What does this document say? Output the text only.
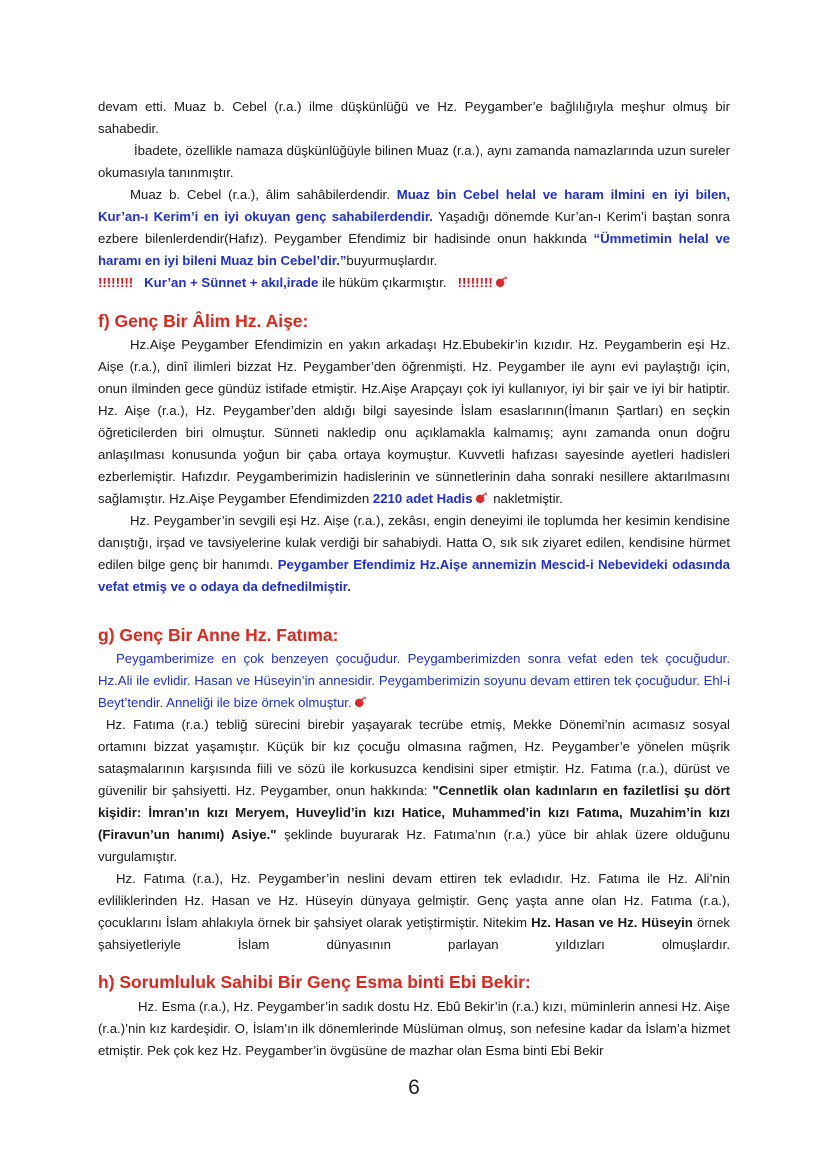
devam etti. Muaz b. Cebel (r.a.) ilme düşkünlüğü ve Hz. Peygamber’e bağlılığıyla meşhur olmuş bir sahabedir.

İbadete, özellikle namaza düşkünlüğüyle bilinen Muaz (r.a.), aynı zamanda namazlarında uzun sureler okumasıyla tanınmıştır.

Muaz b. Cebel (r.a.), âlim sahâbilerdendir. Muaz bin Cebel helal ve haram ilmini en iyi bilen, Kur’an-ı Kerim’i en iyi okuyan genç sahabilerdendir. Yaşadığı dönemde Kur’an-ı Kerim’i baştan sonra ezbere bilenlerdendir(Hafız). Peygamber Efendimiz bir hadisinde onun hakkında “Ümmetimin helal ve haramı en iyi bileni Muaz bin Cebel’dir.”buyurmuşlardır.

!!!!!!!! Kur’an + Sünnet + akıl,irade ile hüküm çıkarmıştır. !!!!!!!!

f) Genç Bir Âlim Hz. Aişe:

Hz.Aişe Peygamber Efendimizin en yakın arkadaşı Hz.Ebubekir’in kızıdır. Hz. Peygamberin eşi Hz. Aişe (r.a.), dinî ilimleri bizzat Hz. Peygamber’den öğrenmişti. Hz. Peygamber ile aynı evi paylaştığı için, onun ilminden gece gündüz istifade etmiştir. Hz.Aişe Arapçayı çok iyi kullanıyor, iyi bir şair ve iyi bir hatiptir. Hz. Aişe (r.a.), Hz. Peygamber’den aldığı bilgi sayesinde İslam esaslarının(İmanın Şartları) en seçkin öğreticilerden biri olmuştur. Sünneti nakledip onu açıklamakla kalmamış; aynı zamanda onun doğru anlaşılması konusunda yoğun bir çaba ortaya koymuştur. Kuvvetli hafızası sayesinde ayetleri hadisleri ezberlemiştir. Hafızdır. Peygamberimizin hadislerinin ve sünnetlerinin daha sonraki nesillere aktarılmasını sağlamıştır. Hz.Aişe Peygamber Efendimizden 2210 adet Hadis nakletmiştir.

Hz. Peygamber’in sevgili eşi Hz. Aişe (r.a.), zekâsı, engin deneyimi ile toplumda her kesimin kendisine danıştığı, irşad ve tavsiyelerine kulak verdiği bir sahabiydi. Hatta O, sık sık ziyaret edilen, kendisine hürmet edilen bilge genç bir hanımdı. Peygamber Efendimiz Hz.Aişe annemizin Mescid-i Nebevideki odasında vefat etmiş ve o odaya da defnedilmiştir.

g) Genç Bir Anne Hz. Fatıma:

Peygamberimize en çok benzeyen çocuğudur. Peygamberimizden sonra vefat eden tek çocuğudur. Hz.Ali ile evlidir. Hasan ve Hüseyin’in annesidir. Peygamberimizin soyunu devam ettiren tek çocuğudur. Ehl-i Beyt’tendir. Anneliği ile bize örnek olmuştur.

Hz. Fatıma (r.a.) tebliğ sürecini birebir yaşayarak tecrübe etmiş, Mekke Dönemi’nin acımasız sosyal ortamını bizzat yaşamıştır. Küçük bir kız çocuğu olmasına rağmen, Hz. Peygamber’e yönelen müşrik sataşmalarının karşısında fiili ve sözü ile korkusuzca kendisini siper etmiştir. Hz. Fatıma (r.a.), dürüst ve güvenilir bir şahsiyetti. Hz. Peygamber, onun hakkında: "Cennetlik olan kadınların en faziletlisi şu dört kişidir: İmran’ın kızı Meryem, Huveylid’in kızı Hatice, Muhammed’in kızı Fatıma, Muzahim’in kızı (Firavun’un hanımı) Asiye." şeklinde buyurarak Hz. Fatıma’nın (r.a.) yüce bir ahlak üzere olduğunu vurgulamıştır.

Hz. Fatıma (r.a.), Hz. Peygamber’in neslini devam ettiren tek evladıdır. Hz. Fatıma ile Hz. Ali’nin evliliklerinden Hz. Hasan ve Hz. Hüseyin dünyaya gelmiştir. Genç yaşta anne olan Hz. Fatıma (r.a.), çocuklarını İslam ahlakıyla örnek bir şahsiyet olarak yetiştirmiştir. Nitekim Hz. Hasan ve Hz. Hüseyin örnek şahsiyetleriyle İslam dünyasının parlayan yıldızları olmuşlardır.

h) Sorumluluk Sahibi Bir Genç Esma binti Ebi Bekir:

Hz. Esma (r.a.), Hz. Peygamber’in sadık dostu Hz. Ebû Bekir’in (r.a.) kızı, müminlerin annesi Hz. Aişe (r.a.)’nin kız kardeşidir. O, İslam’ın ilk dönemlerinde Müslüman olmuş, son nefesine kadar da İslam’a hizmet etmiştir. Pek çok kez Hz. Peygamber’in övgüsüne de mazhar olan Esma binti Ebi Bekir

6
